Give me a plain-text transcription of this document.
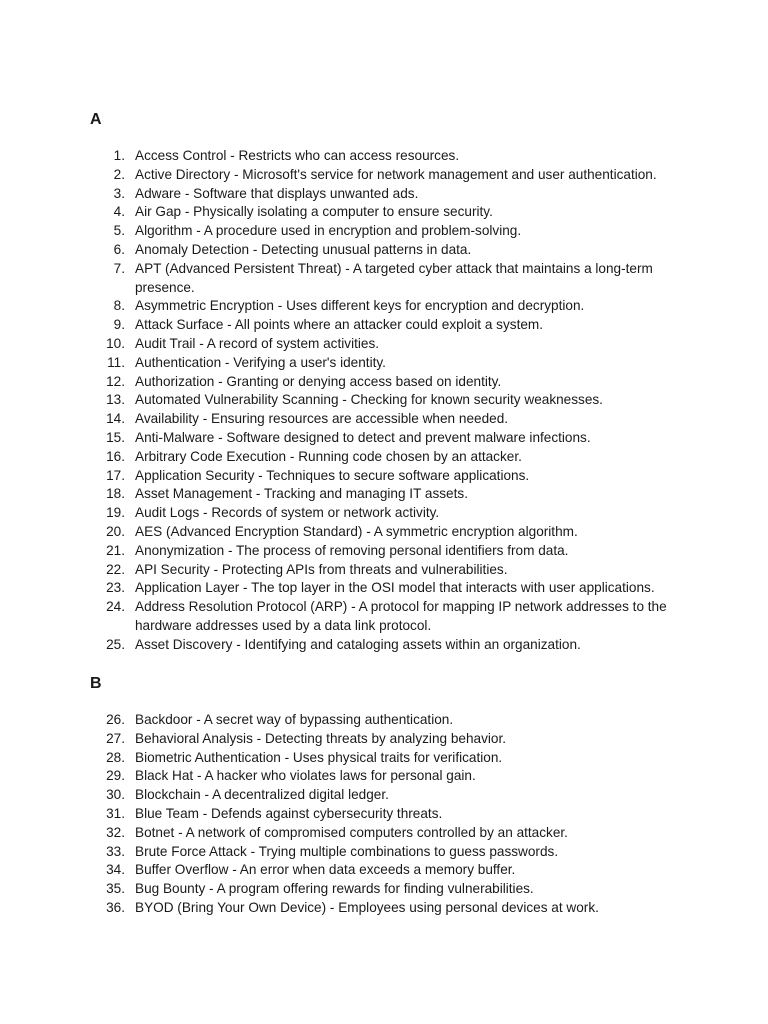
A
1. Access Control - Restricts who can access resources.
2. Active Directory - Microsoft's service for network management and user authentication.
3. Adware - Software that displays unwanted ads.
4. Air Gap - Physically isolating a computer to ensure security.
5. Algorithm - A procedure used in encryption and problem-solving.
6. Anomaly Detection - Detecting unusual patterns in data.
7. APT (Advanced Persistent Threat) - A targeted cyber attack that maintains a long-term presence.
8. Asymmetric Encryption - Uses different keys for encryption and decryption.
9. Attack Surface - All points where an attacker could exploit a system.
10. Audit Trail - A record of system activities.
11. Authentication - Verifying a user's identity.
12. Authorization - Granting or denying access based on identity.
13. Automated Vulnerability Scanning - Checking for known security weaknesses.
14. Availability - Ensuring resources are accessible when needed.
15. Anti-Malware - Software designed to detect and prevent malware infections.
16. Arbitrary Code Execution - Running code chosen by an attacker.
17. Application Security - Techniques to secure software applications.
18. Asset Management - Tracking and managing IT assets.
19. Audit Logs - Records of system or network activity.
20. AES (Advanced Encryption Standard) - A symmetric encryption algorithm.
21. Anonymization - The process of removing personal identifiers from data.
22. API Security - Protecting APIs from threats and vulnerabilities.
23. Application Layer - The top layer in the OSI model that interacts with user applications.
24. Address Resolution Protocol (ARP) - A protocol for mapping IP network addresses to the hardware addresses used by a data link protocol.
25. Asset Discovery - Identifying and cataloging assets within an organization.
B
26. Backdoor - A secret way of bypassing authentication.
27. Behavioral Analysis - Detecting threats by analyzing behavior.
28. Biometric Authentication - Uses physical traits for verification.
29. Black Hat - A hacker who violates laws for personal gain.
30. Blockchain - A decentralized digital ledger.
31. Blue Team - Defends against cybersecurity threats.
32. Botnet - A network of compromised computers controlled by an attacker.
33. Brute Force Attack - Trying multiple combinations to guess passwords.
34. Buffer Overflow - An error when data exceeds a memory buffer.
35. Bug Bounty - A program offering rewards for finding vulnerabilities.
36. BYOD (Bring Your Own Device) - Employees using personal devices at work.
